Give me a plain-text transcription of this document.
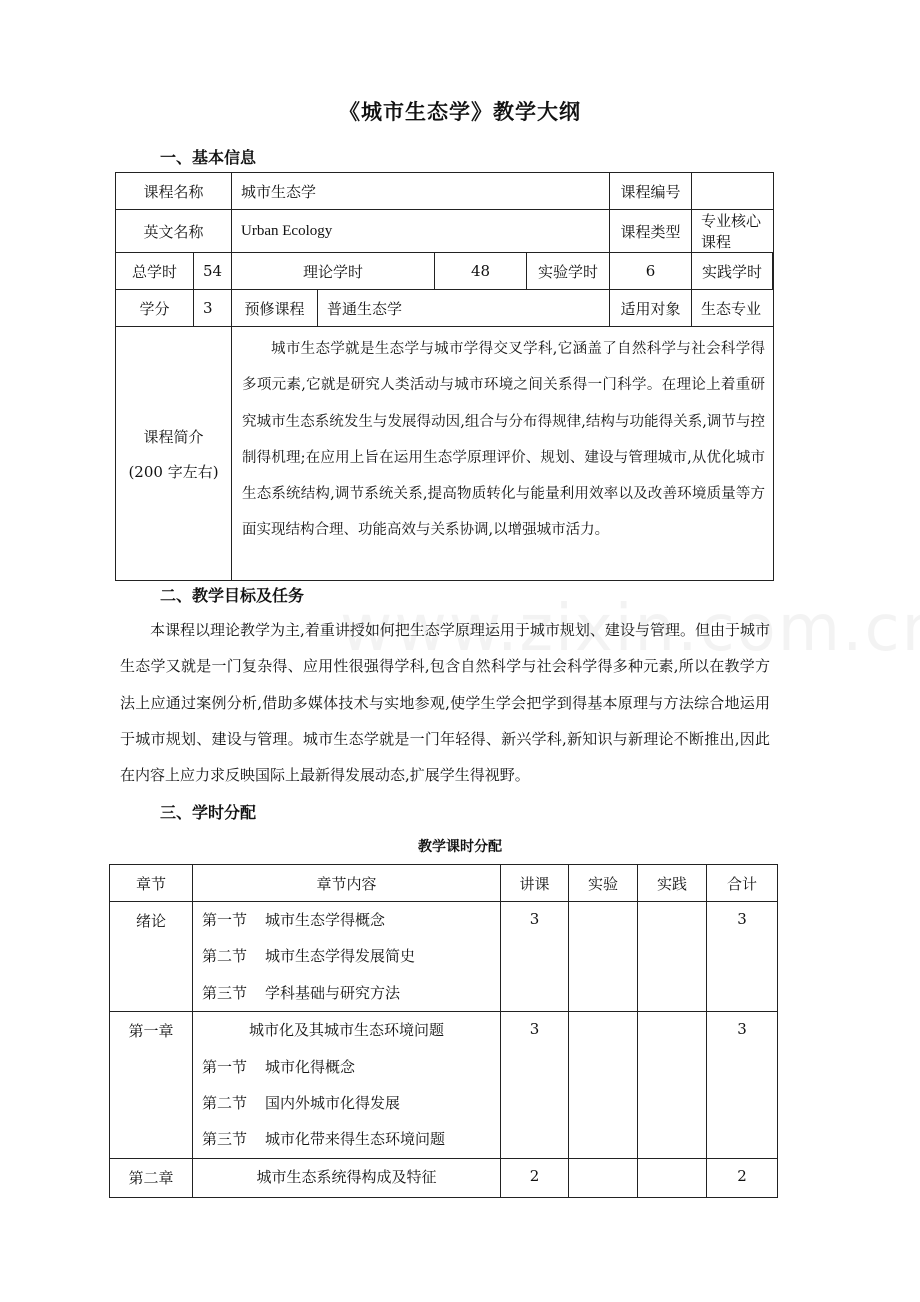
《城市生态学》教学大纲
一、基本信息
课程名称		城市生态学				课程编号	
英文名称		Urban Ecology				课程类型	专业核心课程
总学时	54	理论学时		48	实验学时	6	实践学时

学分	3	预修课程	普通生态学			适用对象	生态专业

课程简介
(200 字左右)		城市生态学就是生态学与城市学得交叉学科,它涵盖了自然科学与社会科学得多项元素,它就是研究人类活动与城市环境之间关系得一门科学。在理论上着重研究城市生态系统发生与发展得动因,组合与分布得规律,结构与功能得关系,调节与控制得机理;在应用上旨在运用生态学原理评价、规划、建设与管理城市,从优化城市生态系统结构,调节系统关系,提高物质转化与能量利用效率以及改善环境质量等方面实现结构合理、功能高效与关系协调,以增强城市活力。					
二、教学目标及任务
本课程以理论教学为主,着重讲授如何把生态学原理运用于城市规划、建设与管理。但由于城市生态学又就是一门复杂得、应用性很强得学科,包含自然科学与社会科学得多种元素,所以在教学方法上应通过案例分析,借助多媒体技术与实地参观,使学生学会把学到得基本原理与方法综合地运用于城市规划、建设与管理。城市生态学就是一门年轻得、新兴学科,新知识与新理论不断推出,因此在内容上应力求反映国际上最新得发展动态,扩展学生得视野。
三、学时分配
教学课时分配
章节	章节内容	讲课	实验	实践	合计
绪论	第一节 城市生态学得概念
第二节 城市生态学得发展简史
第三节 学科基础与研究方法	3			3
第一章	城市化及其城市生态环境问题
第一节 城市化得概念
第二节 国内外城市化得发展
第三节 城市化带来得生态环境问题	3			3
第二章	城市生态系统得构成及特征	2			2
